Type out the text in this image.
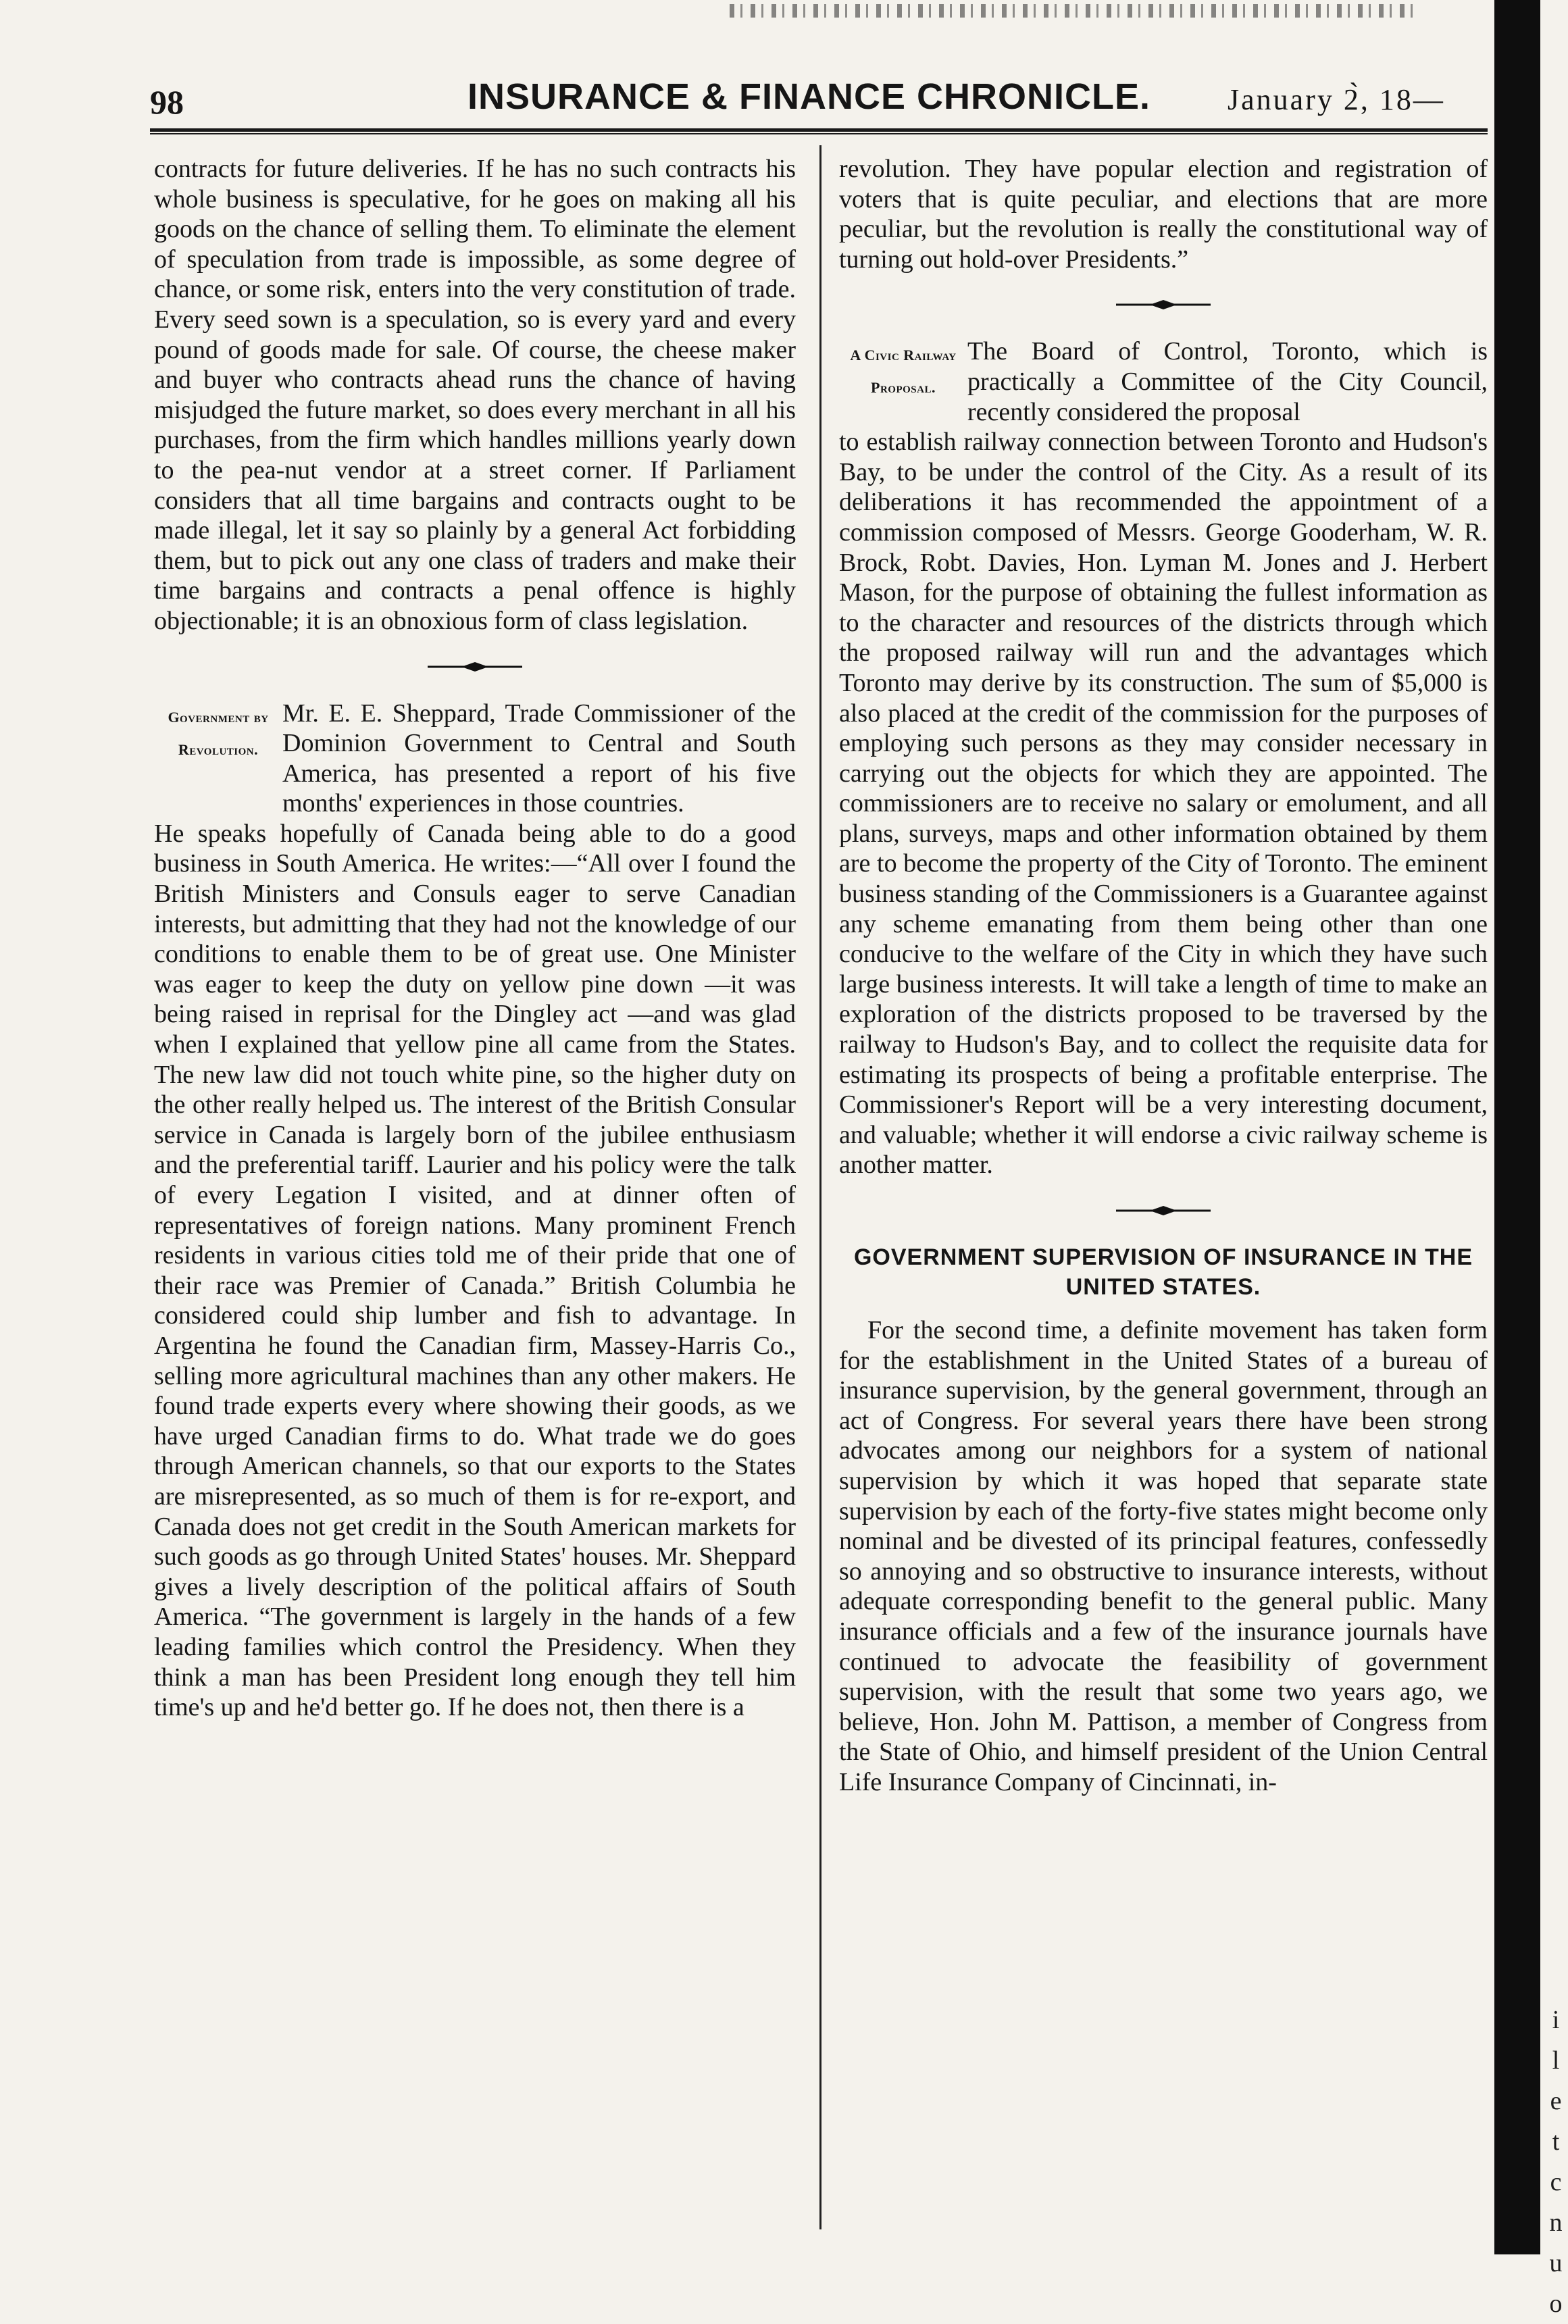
i
l
e
t
c
n
u
o
98	INSURANCE & FINANCE CHRONICLE.	January 2̀, 18—

contracts for future deliveries. If he has no such contracts his whole business is speculative, for he goes on making all his goods on the chance of selling them. To eliminate the element of speculation from trade is impossible, as some degree of chance, or some risk, enters into the very constitution of trade. Every seed sown is a speculation, so is every yard and every pound of goods made for sale. Of course, the cheese maker and buyer who contracts ahead runs the chance of having misjudged the future market, so does every merchant in all his purchases, from the firm which handles millions yearly down to the pea-nut vendor at a street corner. If Parliament considers that all time bargains and contracts ought to be made illegal, let it say so plainly by a general Act forbidding them, but to pick out any one class of traders and make their time bargains and contracts a penal offence is highly objectionable; it is an obnoxious form of class legislation.

Government by Revolution.
Mr. E. E. Sheppard, Trade Commissioner of the Dominion Government to Central and South America, has presented a report of his five months' experiences in those countries.

He speaks hopefully of Canada being able to do a good business in South America. He writes:—“All over I found the British Ministers and Consuls eager to serve Canadian interests, but admitting that they had not the knowledge of our conditions to enable them to be of great use. One Minister was eager to keep the duty on yellow pine down —it was being raised in reprisal for the Dingley act —and was glad when I explained that yellow pine all came from the States. The new law did not touch white pine, so the higher duty on the other really helped us. The interest of the British Consular service in Canada is largely born of the jubilee enthusiasm and the preferential tariff. Laurier and his policy were the talk of every Legation I visited, and at dinner often of representatives of foreign nations. Many prominent French residents in various cities told me of their pride that one of their race was Premier of Canada.” British Columbia he considered could ship lumber and fish to advantage. In Argentina he found the Canadian firm, Massey-Harris Co., selling more agricultural machines than any other makers. He found trade experts every where showing their goods, as we have urged Canadian firms to do. What trade we do goes through American channels, so that our exports to the States are misrepresented, as so much of them is for re-export, and Canada does not get credit in the South American markets for such goods as go through United States' houses. Mr. Sheppard gives a lively description of the political affairs of South America. “The government is largely in the hands of a few leading families which control the Presidency. When they think a man has been President long enough they tell him time's up and he'd better go. If he does not, then there is a

revolution. They have popular election and registration of voters that is quite peculiar, and elections that are more peculiar, but the revolution is really the constitutional way of turning out hold-over Presidents.”

A Civic Railway Proposal.
The Board of Control, Toronto, which is practically a Committee of the City Council, recently considered the proposal

to establish railway connection between Toronto and Hudson's Bay, to be under the control of the City. As a result of its deliberations it has recommended the appointment of a commission composed of Messrs. George Gooderham, W. R. Brock, Robt. Davies, Hon. Lyman M. Jones and J. Herbert Mason, for the purpose of obtaining the fullest information as to the character and resources of the districts through which the proposed railway will run and the advantages which Toronto may derive by its construction. The sum of $5,000 is also placed at the credit of the commission for the purposes of employing such persons as they may consider necessary in carrying out the objects for which they are appointed. The commissioners are to receive no salary or emolument, and all plans, surveys, maps and other information obtained by them are to become the property of the City of Toronto. The eminent business standing of the Commissioners is a Guarantee against any scheme emanating from them being other than one conducive to the welfare of the City in which they have such large business interests. It will take a length of time to make an exploration of the districts proposed to be traversed by the railway to Hudson's Bay, and to collect the requisite data for estimating its prospects of being a profitable enterprise. The Commissioner's Report will be a very interesting document, and valuable; whether it will endorse a civic railway scheme is another matter.

GOVERNMENT SUPERVISION OF INSURANCE IN THE UNITED STATES.

For the second time, a definite movement has taken form for the establishment in the United States of a bureau of insurance supervision, by the general government, through an act of Congress. For several years there have been strong advocates among our neighbors for a system of national supervision by which it was hoped that separate state supervision by each of the forty-five states might become only nominal and be divested of its principal features, confessedly so annoying and so obstructive to insurance interests, without adequate corresponding benefit to the general public. Many insurance officials and a few of the insurance journals have continued to advocate the feasibility of government supervision, with the result that some two years ago, we believe, Hon. John M. Pattison, a member of Congress from the State of Ohio, and himself president of the Union Central Life Insurance Company of Cincinnati, in-
